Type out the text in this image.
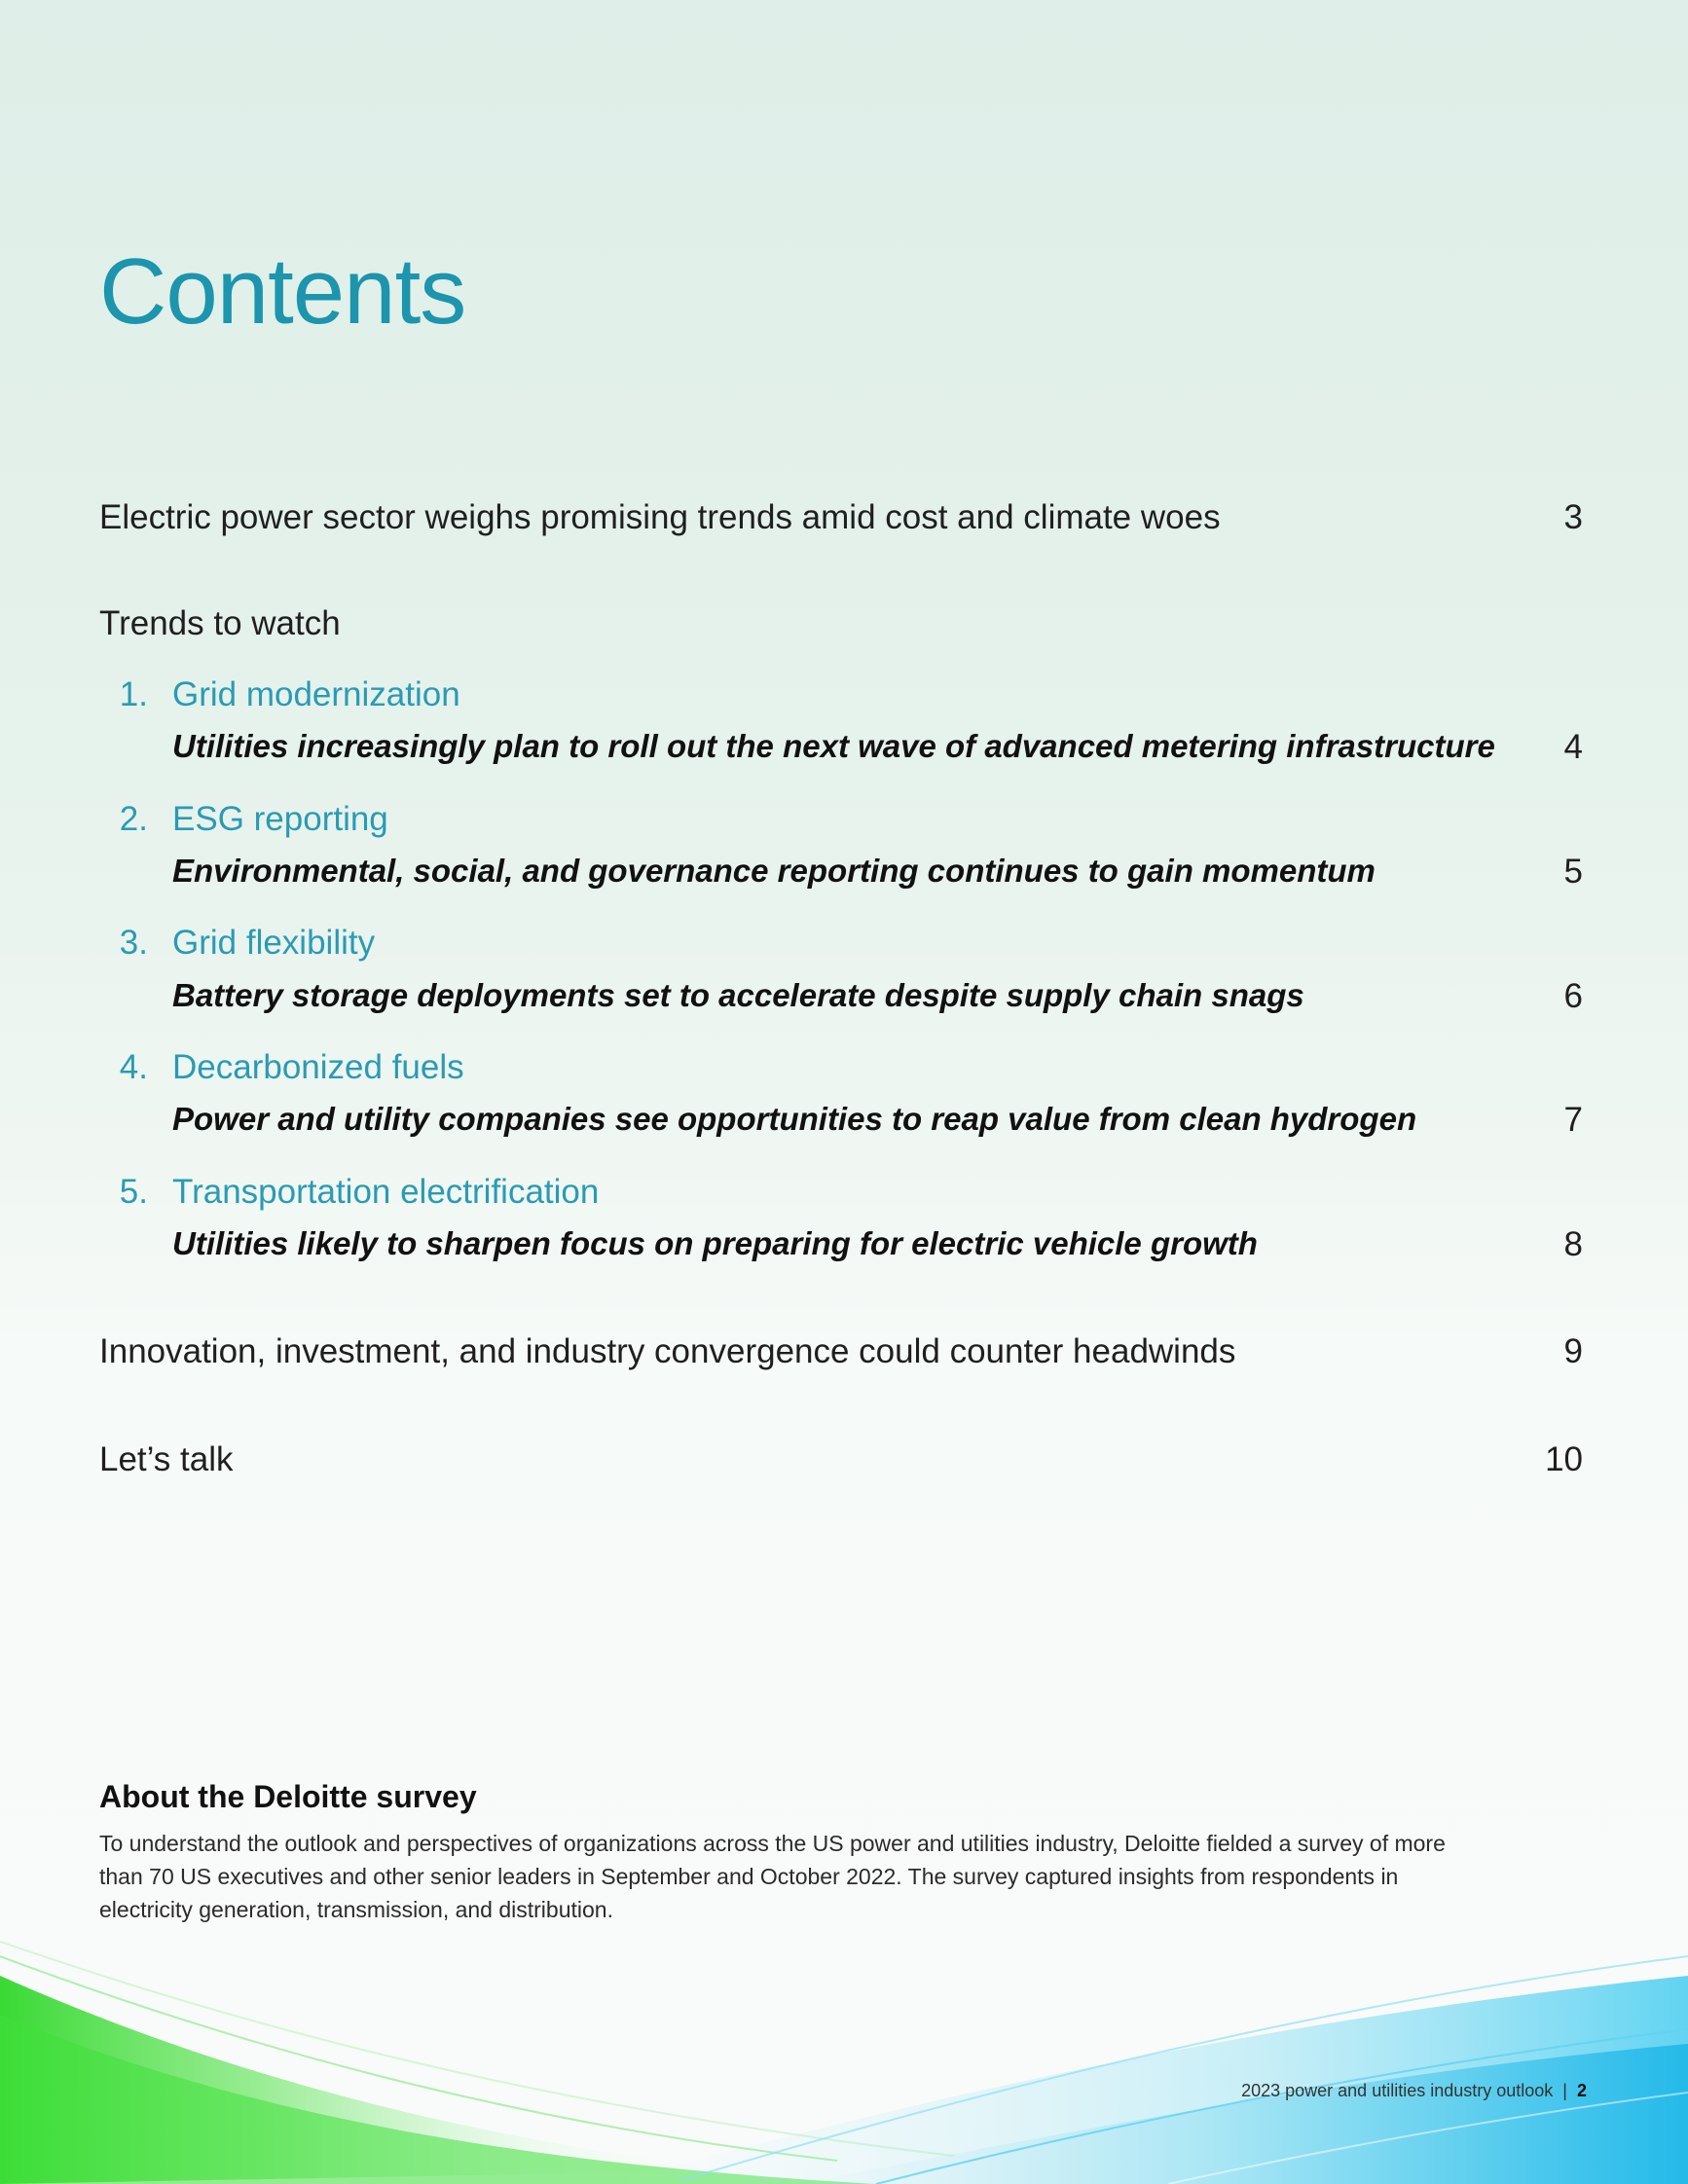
Contents
Electric power sector weighs promising trends amid cost and climate woes	3
Trends to watch
1. Grid modernization
Utilities increasingly plan to roll out the next wave of advanced metering infrastructure 4
2. ESG reporting
Environmental, social, and governance reporting continues to gain momentum	5
3. Grid flexibility
Battery storage deployments set to accelerate despite supply chain snags	6
4. Decarbonized fuels
Power and utility companies see opportunities to reap value from clean hydrogen	7
5. Transportation electrification
Utilities likely to sharpen focus on preparing for electric vehicle growth	8
Innovation, investment, and industry convergence could counter headwinds	9
Let’s talk	10
About the Deloitte survey

To understand the outlook and perspectives of organizations across the US power and utilities industry, Deloitte fielded a survey of more than 70 US executives and other senior leaders in September and October 2022. The survey captured insights from respondents in electricity generation, transmission, and distribution.

2023 power and utilities industry outlook | 2
